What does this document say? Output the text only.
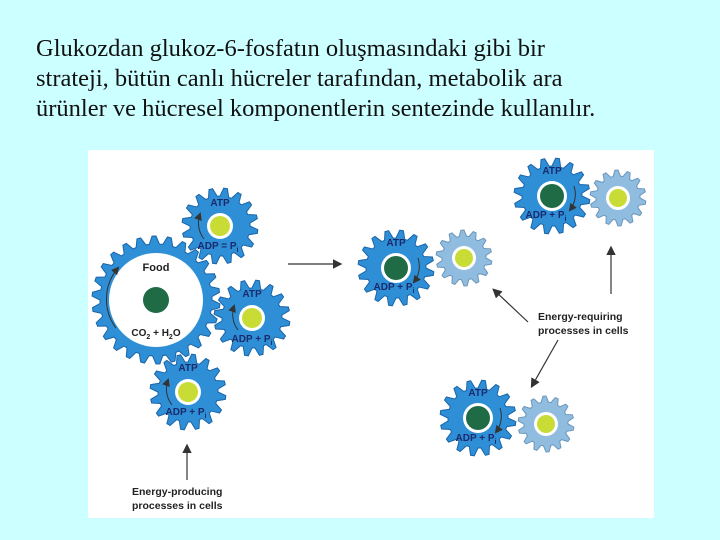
Glukozdan glukoz-6-fosfatın oluşmasındaki gibi bir
strateji, bütün canlı hücreler tarafından, metabolik ara
ürünler ve hücresel komponentlerin sentezinde kullanılır.
Food
$CO_2 + H_2O$
ATP
ADP = $P_i$
ATP
ADP + $P_i$
ATP
ADP + $P_i$
ATP
ADP + $P_i$
ATP
ADP + $P_i$
ATP
ADP + $P_i$
Energy-producing
processes in cells
Energy-requiring
processes in cells
